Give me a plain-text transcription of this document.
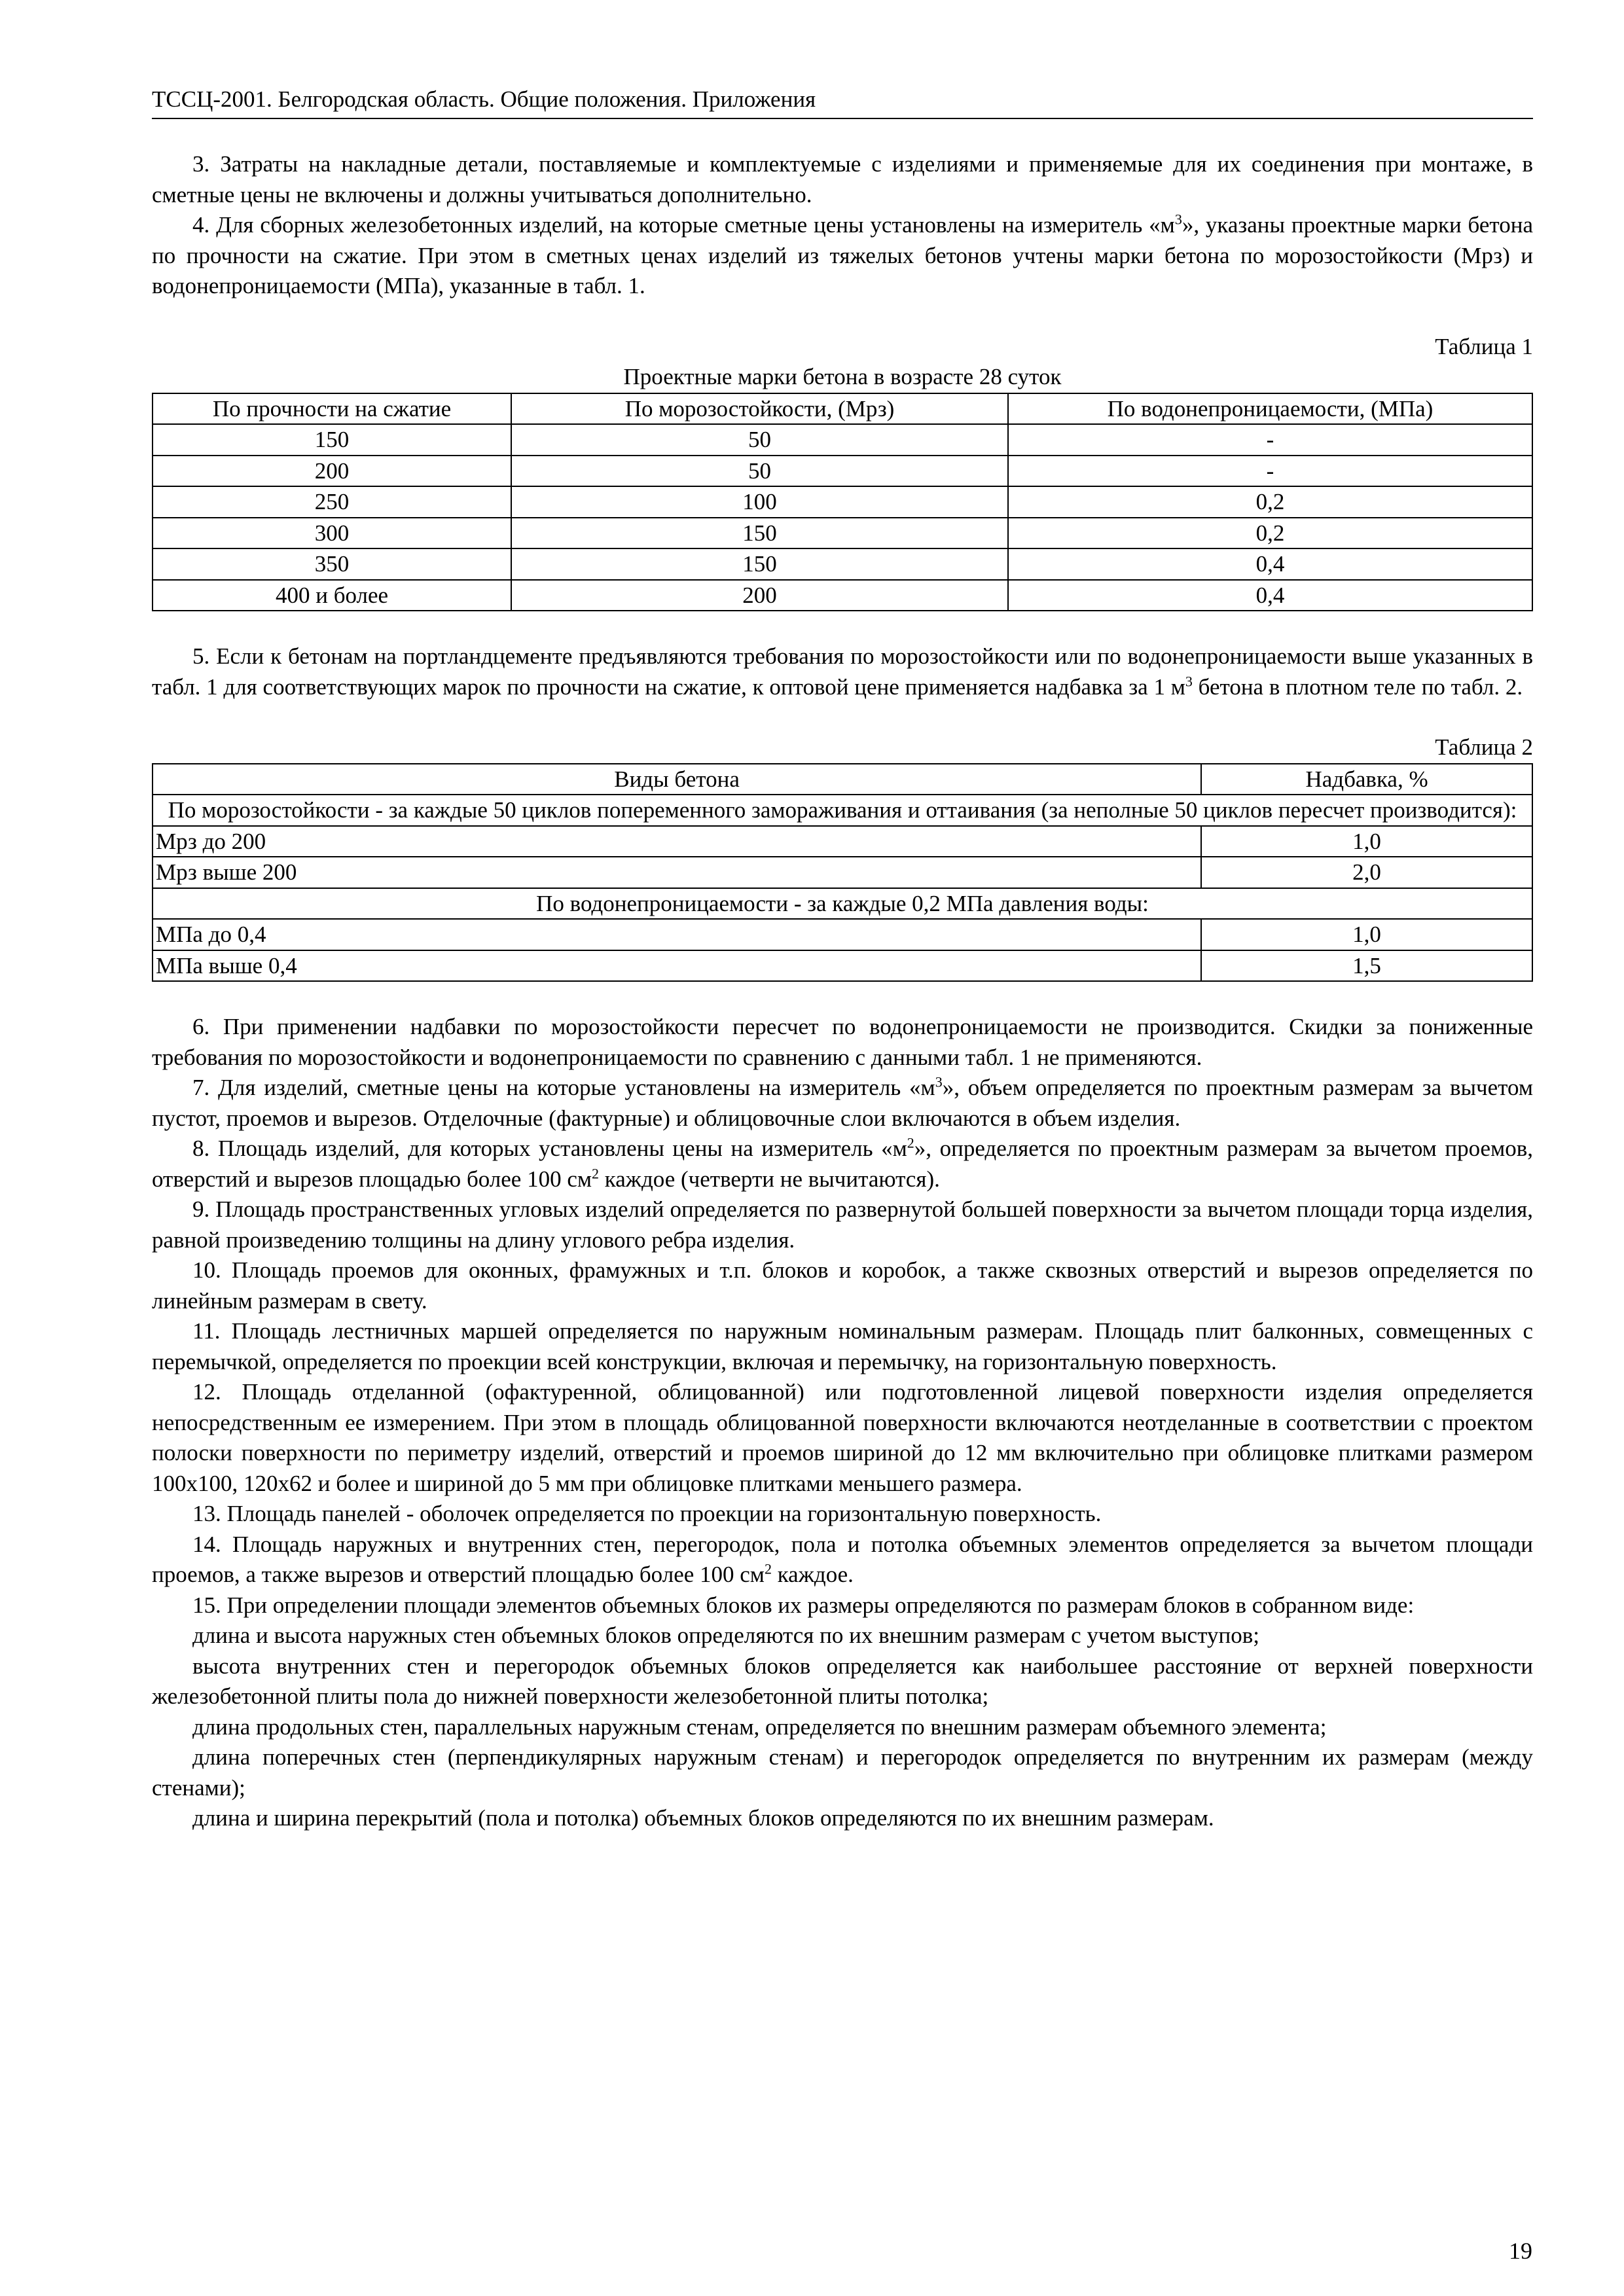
ТССЦ-2001. Белгородская область. Общие положения. Приложения

3. Затраты на накладные детали, поставляемые и комплектуемые с изделиями и применяемые для их соединения при монтаже, в сметные цены не включены и должны учитываться дополнительно.

4. Для сборных железобетонных изделий, на которые сметные цены установлены на измеритель «$м^3$», указаны проектные марки бетона по прочности на сжатие. При этом в сметных ценах изделий из тяжелых бетонов учтены марки бетона по морозостойкости (Мрз) и водонепроницаемости (МПа), указанные в табл. 1.

Таблица 1

Проектные марки бетона в возрасте 28 суток

По прочности на сжатие	По морозостойкости, (Мрз)	По водонепроницаемости, (МПа)
150	50	-
200	50	-
250	100	0,2
300	150	0,2
350	150	0,4
400 и более	200	0,4

5. Если к бетонам на портландцементе предъявляются требования по морозостойкости или по водонепроницаемости выше указанных в табл. 1 для соответствующих марок по прочности на сжатие, к оптовой цене применяется надбавка за 1 $м^3$ бетона в плотном теле по табл. 2.

Таблица 2

Виды бетона	Надбавка, %
По морозостойкости - за каждые 50 циклов попеременного замораживания и оттаивания (за неполные 50 циклов пересчет производится):	
Мрз до 200	1,0
Мрз выше 200	2,0
По водонепроницаемости - за каждые 0,2 МПа давления воды:	
МПа до 0,4	1,0
МПа выше 0,4	1,5

6. При применении надбавки по морозостойкости пересчет по водонепроницаемости не производится. Скидки за пониженные требования по морозостойкости и водонепроницаемости по сравнению с данными табл. 1 не применяются.

7. Для изделий, сметные цены на которые установлены на измеритель «$м^3$», объем определяется по проектным размерам за вычетом пустот, проемов и вырезов. Отделочные (фактурные) и облицовочные слои включаются в объем изделия.

8. Площадь изделий, для которых установлены цены на измеритель «$м^2$», определяется по проектным размерам за вычетом проемов, отверстий и вырезов площадью более 100 $см^2$ каждое (четверти не вычитаются).

9. Площадь пространственных угловых изделий определяется по развернутой большей поверхности за вычетом площади торца изделия, равной произведению толщины на длину углового ребра изделия.

10. Площадь проемов для оконных, фрамужных и т.п. блоков и коробок, а также сквозных отверстий и вырезов определяется по линейным размерам в свету.

11. Площадь лестничных маршей определяется по наружным номинальным размерам. Площадь плит балконных, совмещенных с перемычкой, определяется по проекции всей конструкции, включая и перемычку, на горизонтальную поверхность.

12. Площадь отделанной (офактуренной, облицованной) или подготовленной лицевой поверхности изделия определяется непосредственным ее измерением. При этом в площадь облицованной поверхности включаются неотделанные в соответствии с проектом полоски поверхности по периметру изделий, отверстий и проемов шириной до 12 мм включительно при облицовке плитками размером 100х100, 120х62 и более и шириной до 5 мм при облицовке плитками меньшего размера.

13. Площадь панелей - оболочек определяется по проекции на горизонтальную поверхность.

14. Площадь наружных и внутренних стен, перегородок, пола и потолка объемных элементов определяется за вычетом площади проемов, а также вырезов и отверстий площадью более 100 $см^2$ каждое.

15. При определении площади элементов объемных блоков их размеры определяются по размерам блоков в собранном виде:

длина и высота наружных стен объемных блоков определяются по их внешним размерам с учетом выступов;

высота внутренних стен и перегородок объемных блоков определяется как наибольшее расстояние от верхней поверхности железобетонной плиты пола до нижней поверхности железобетонной плиты потолка;

длина продольных стен, параллельных наружным стенам, определяется по внешним размерам объемного элемента;

длина поперечных стен (перпендикулярных наружным стенам) и перегородок определяется по внутренним их размерам (между стенами);

длина и ширина перекрытий (пола и потолка) объемных блоков определяются по их внешним размерам.

19
